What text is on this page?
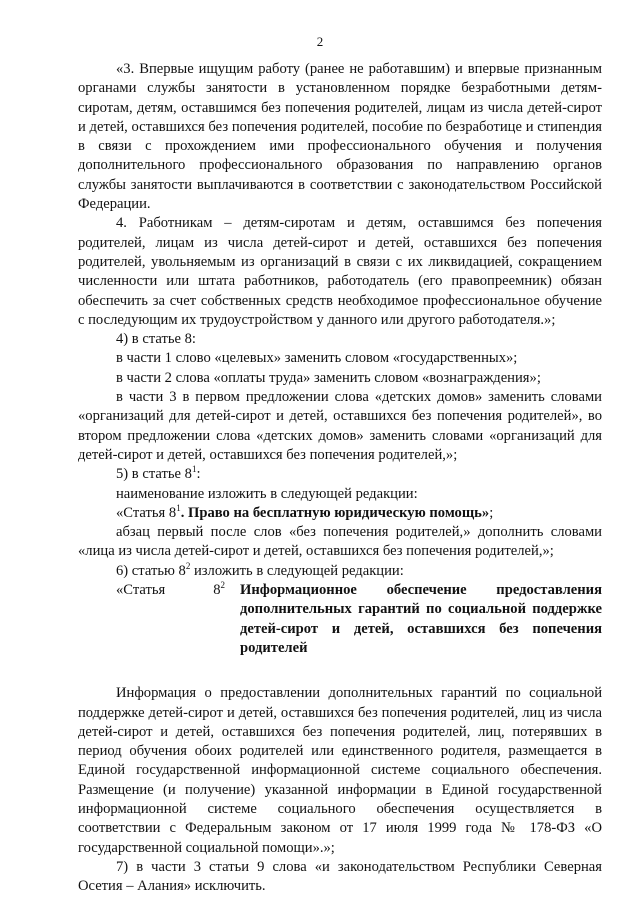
2

«3. Впервые ищущим работу (ранее не работавшим) и впервые признанным органами службы занятости в установленном порядке безработными детям-сиротам, детям, оставшимся без попечения родителей, лицам из числа детей-сирот и детей, оставшихся без попечения родителей, пособие по безработице и стипендия в связи с прохождением ими профессионального обучения и получения дополнительного профессионального образования по направлению органов службы занятости выплачиваются в соответствии с законодательством Российской Федерации.

4. Работникам – детям-сиротам и детям, оставшимся без попечения родителей, лицам из числа детей-сирот и детей, оставшихся без попечения родителей, увольняемым из организаций в связи с их ликвидацией, сокращением численности или штата работников, работодатель (его правопреемник) обязан обеспечить за счет собственных средств необходимое профессиональное обучение с последующим их трудоустройством у данного или другого работодателя.»;

4) в статье 8:

в части 1 слово «целевых» заменить словом «государственных»;

в части 2 слова «оплаты труда» заменить словом «вознаграждения»;

в части 3 в первом предложении слова «детских домов» заменить словами «организаций для детей-сирот и детей, оставшихся без попечения родителей», во втором предложении слова «детских домов» заменить словами «организаций для детей-сирот и детей, оставшихся без попечения родителей,»;

5) в статье $8^1$:

наименование изложить в следующей редакции:

«Статья $8^1$. Право на бесплатную юридическую помощь»;

абзац первый после слов «без попечения родителей,» дополнить словами «лица из числа детей-сирот и детей, оставшихся без попечения родителей,»;

6) статью $8^2$ изложить в следующей редакции:

«Статья	$8^2$	Информационное обеспечение предоставления дополнительных гарантий по социальной поддержке детей-сирот и детей, оставшихся без попечения родителей

Информация о предоставлении дополнительных гарантий по социальной поддержке детей-сирот и детей, оставшихся без попечения родителей, лиц из числа детей-сирот и детей, оставшихся без попечения родителей, лиц, потерявших в период обучения обоих родителей или единственного родителя, размещается в Единой государственной информационной системе социального обеспечения. Размещение (и получение) указанной информации в Единой государственной информационной системе социального обеспечения осуществляется в соответствии с Федеральным законом от 17 июля 1999 года № 178-ФЗ «О государственной социальной помощи».»;

7) в части 3 статьи 9 слова «и законодательством Республики Северная Осетия – Алания» исключить.
